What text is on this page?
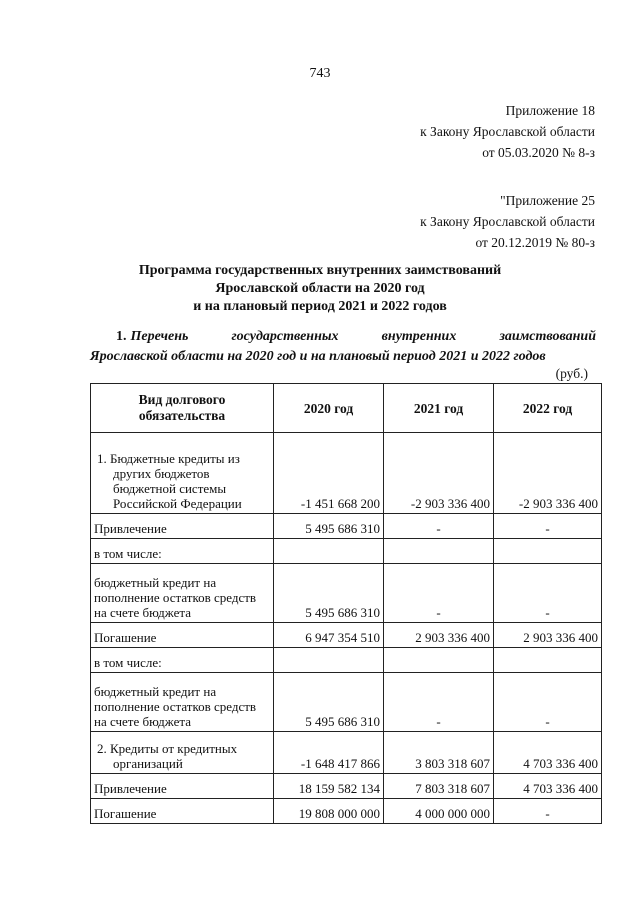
743
Приложение 18
к Закону Ярославской области
от 05.03.2020 № 8-з
"Приложение 25
к Закону Ярославской области
от 20.12.2019 № 80-з
Программа государственных внутренних заимствований
Ярославской области на 2020 год
и на плановый период 2021 и 2022 годов
1. Перечень	государственных	внутренних	заимствований
Ярославской области на 2020 год и на плановый период 2021 и 2022 годов
(руб.)
Вид долгового обязательства	2020 год	2021 год	2022 год
1. Бюджетные кредиты из других бюджетов бюджетной системы Российской Федерации	-1 451 668 200	-2 903 336 400	-2 903 336 400
Привлечение	5 495 686 310	-	-
в том числе:			
бюджетный кредит на пополнение остатков средств на счете бюджета	5 495 686 310	-	-
Погашение	6 947 354 510	2 903 336 400	2 903 336 400
в том числе:			
бюджетный кредит на пополнение остатков средств на счете бюджета	5 495 686 310	-	-
2. Кредиты от кредитных организаций	-1 648 417 866	3 803 318 607	4 703 336 400
Привлечение	18 159 582 134	7 803 318 607	4 703 336 400
Погашение	19 808 000 000	4 000 000 000	-
